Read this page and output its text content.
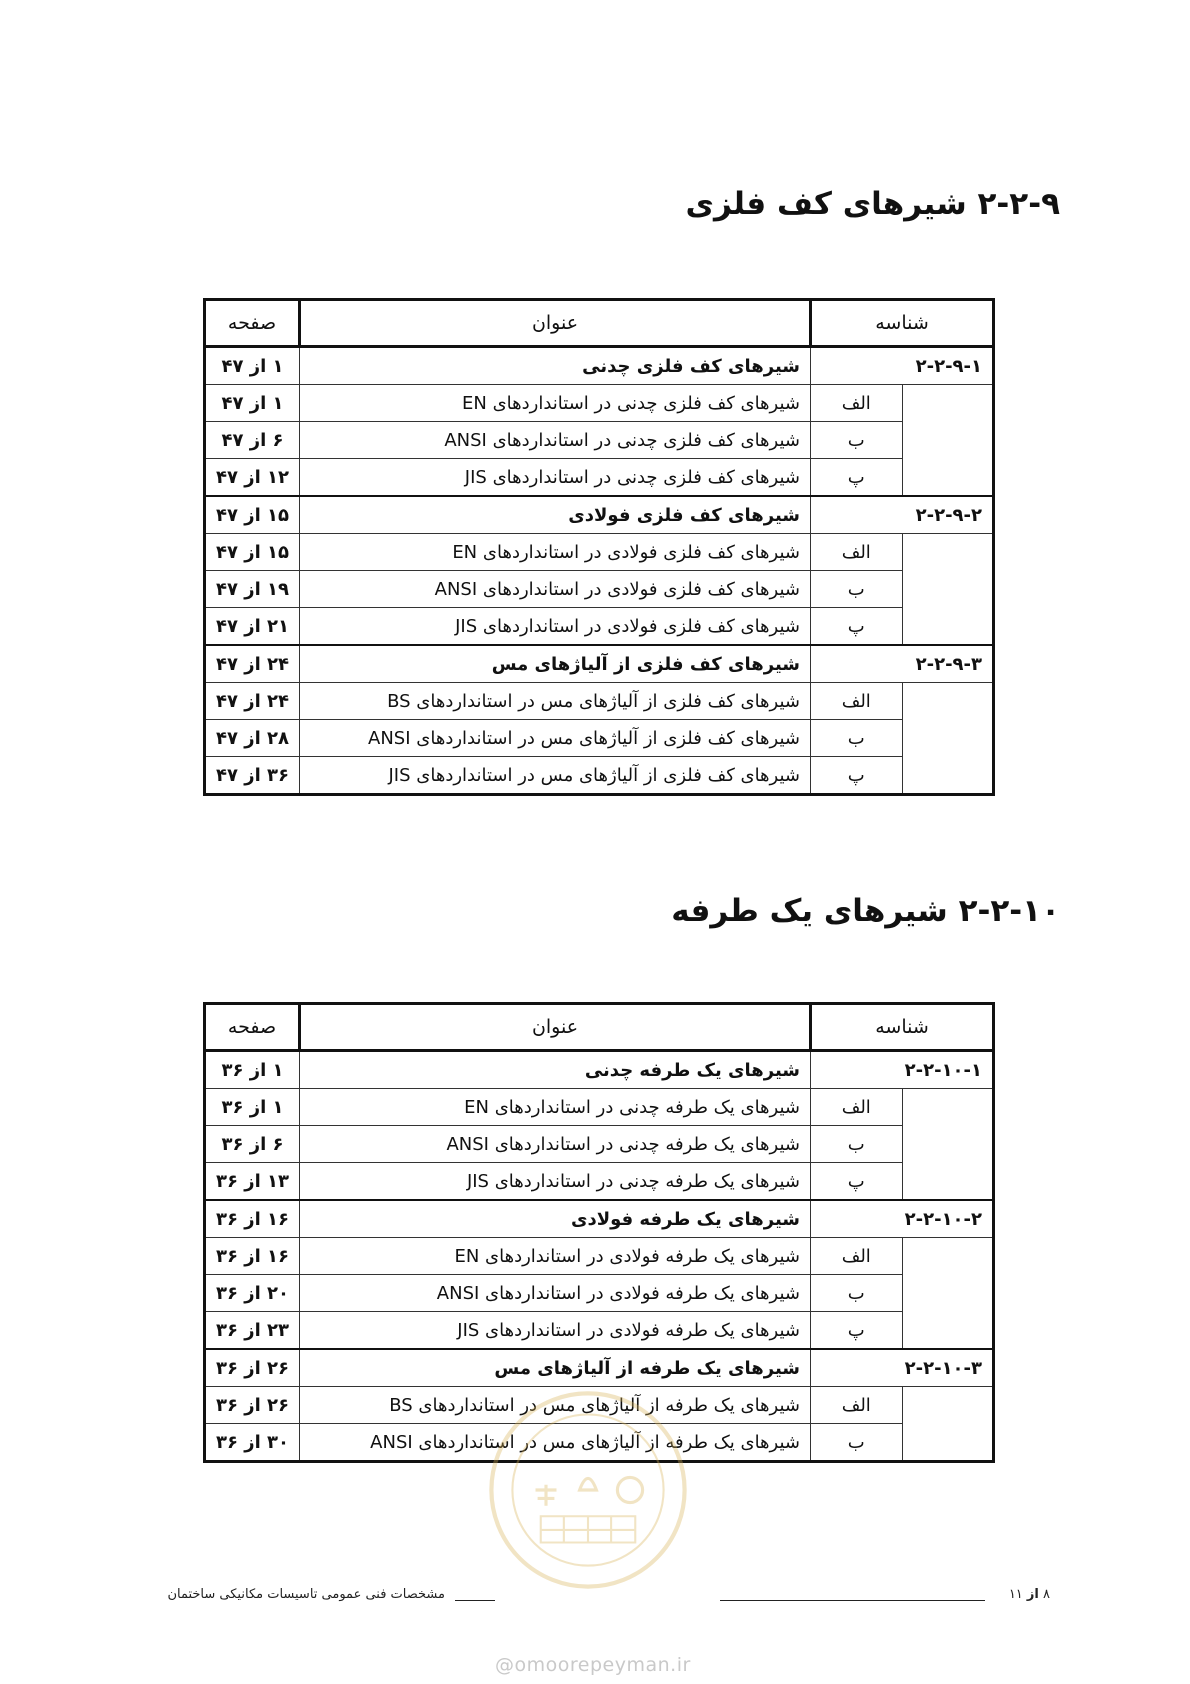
۲-۲-۹ شیرهای کف فلزی
شناسه		عنوان	صفحه
۲-۲-۹-۱		شیرهای کف فلزی چدنی	۱ از ۴۷
	الف	شیرهای کف فلزی چدنی در استانداردهای EN	۱ از ۴۷
	ب	شیرهای کف فلزی چدنی در استانداردهای ANSI	۶ از ۴۷
	پ	شیرهای کف فلزی چدنی در استانداردهای JIS	۱۲ از ۴۷
۲-۲-۹-۲		شیرهای کف فلزی فولادی	۱۵ از ۴۷
	الف	شیرهای کف فلزی فولادی در استانداردهای EN	۱۵ از ۴۷
	ب	شیرهای کف فلزی فولادی در استانداردهای ANSI	۱۹ از ۴۷
	پ	شیرهای کف فلزی فولادی در استانداردهای JIS	۲۱ از ۴۷
۲-۲-۹-۳		شیرهای کف فلزی از آلیاژهای مس	۲۴ از ۴۷
	الف	شیرهای کف فلزی از آلیاژهای مس در استانداردهای BS	۲۴ از ۴۷
	ب	شیرهای کف فلزی از آلیاژهای مس در استانداردهای ANSI	۲۸ از ۴۷
	پ	شیرهای کف فلزی از آلیاژهای مس در استانداردهای JIS	۳۶ از ۴۷
۲-۲-۱۰ شیرهای یک طرفه
شناسه		عنوان	صفحه
۲-۲-۱۰-۱		شیرهای یک طرفه چدنی	۱ از ۳۶
	الف	شیرهای یک طرفه چدنی در استانداردهای EN	۱ از ۳۶
	ب	شیرهای یک طرفه چدنی در استانداردهای ANSI	۶ از ۳۶
	پ	شیرهای یک طرفه چدنی در استانداردهای JIS	۱۳ از ۳۶
۲-۲-۱۰-۲		شیرهای یک طرفه فولادی	۱۶ از ۳۶
	الف	شیرهای یک طرفه فولادی در استانداردهای EN	۱۶ از ۳۶
	ب	شیرهای یک طرفه فولادی در استانداردهای ANSI	۲۰ از ۳۶
	پ	شیرهای یک طرفه فولادی در استانداردهای JIS	۲۳ از ۳۶
۲-۲-۱۰-۳		شیرهای یک طرفه از آلیاژهای مس	۲۶ از ۳۶
	الف	شیرهای یک طرفه از آلیاژهای مس در استانداردهای BS	۲۶ از ۳۶
	ب	شیرهای یک طرفه از آلیاژهای مس در استانداردهای ANSI	۳۰ از ۳۶
مشخصات فنی عمومی تاسیسات مکانیکی ساختمان	۸ از ۱۱
@omoorepeyman.ir
